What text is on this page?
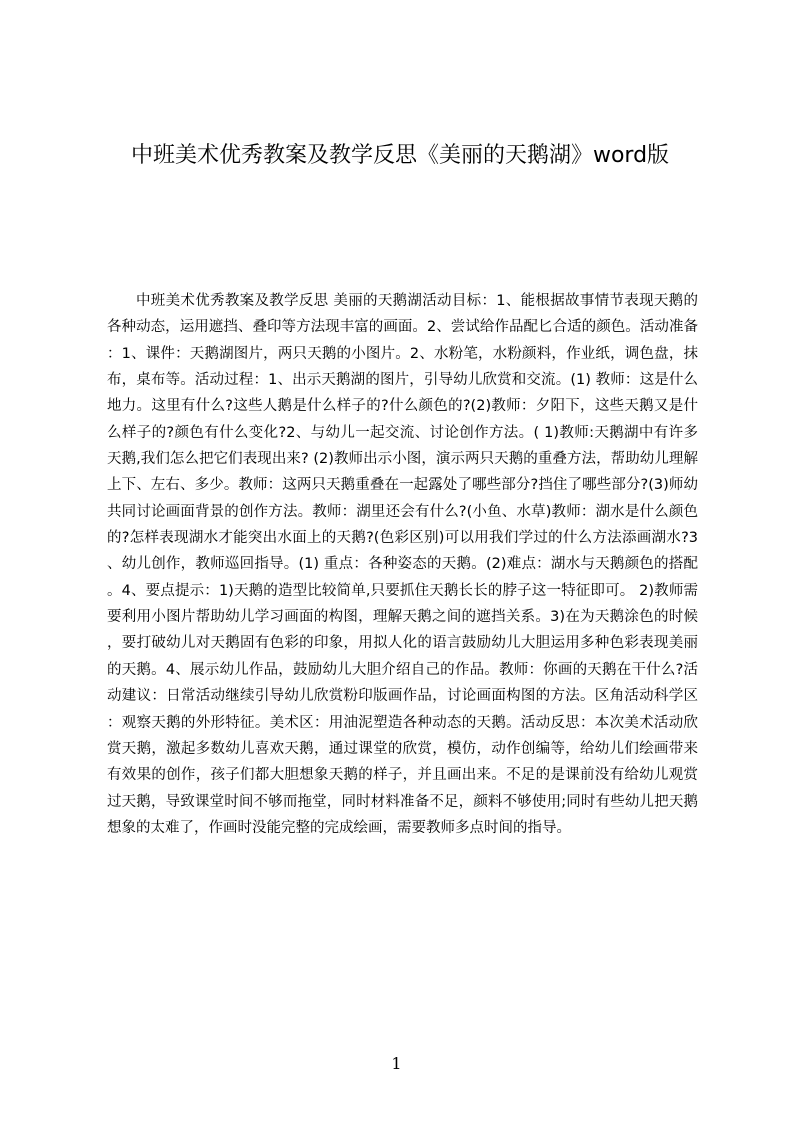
中班美术优秀教案及教学反思《美丽的天鹅湖》word版

中班美术优秀教案及教学反思 美丽的天鹅湖活动目标：1、能根据故事情节表现天鹅的各种动态，运用遮挡、叠印等方法现丰富的画面。2、尝试给作品配匕合适的颜色。活动准备：1、课件：天鹅湖图片，两只天鹅的小图片。2、水粉笔，水粉颜料，作业纸，调色盘，抹布，桌布等。活动过程：1、出示天鹅湖的图片，引导幼儿欣赏和交流。(1) 教师：这是什么地力。这里有什么?这些人鹅是什么样子的?什么颜色的?(2)教师：夕阳下，这些天鹅又是什么样子的?颜色有什么变化?2、与幼儿一起交流、讨论创作方法。( 1)教师:天鹅湖中有许多天鹅,我们怎么把它们表现出来? (2)教师出示小图，演示两只天鹅的重叠方法，帮助幼儿理解上下、左右、多少。教师：这两只天鹅重叠在一起露处了哪些部分?挡住了哪些部分?(3)师幼共同讨论画面背景的创作方法。教师：湖里还会有什么?(小鱼、水草)教师：湖水是什么颜色的?怎样表现湖水才能突出水面上的天鹅?(色彩区别)可以用我们学过的什么方法添画湖水?3、幼儿创作，教师巡回指导。(1) 重点：各种姿态的天鹅。(2)难点：湖水与天鹅颜色的搭配。4、要点提示：1)天鹅的造型比较简单,只要抓住天鹅长长的脖子这一特征即可。 2)教师需要利用小图片帮助幼儿学习画面的构图，理解天鹅之间的遮挡关系。3)在为天鹅涂色的时候，要打破幼儿对天鹅固有色彩的印象，用拟人化的语言鼓励幼儿大胆运用多种色彩表现美丽的天鹅。4、展示幼儿作品，鼓励幼儿大胆介绍自己的作品。教师：你画的天鹅在干什么?活动建议：日常活动继续引导幼儿欣赏粉印版画作品，讨论画面构图的方法。区角活动科学区：观察天鹅的外形特征。美术区：用油泥塑造各种动态的天鹅。活动反思：本次美术活动欣赏天鹅，激起多数幼儿喜欢天鹅，通过课堂的欣赏，模仿，动作创编等，给幼儿们绘画带来有效果的创作，孩子们都大胆想象天鹅的样子，并且画出来。不足的是课前没有给幼儿观赏过天鹅，导致课堂时间不够而拖堂，同时材料准备不足，颜料不够使用;同时有些幼儿把天鹅想象的太难了，作画时没能完整的完成绘画，需要教师多点时间的指导。

1
